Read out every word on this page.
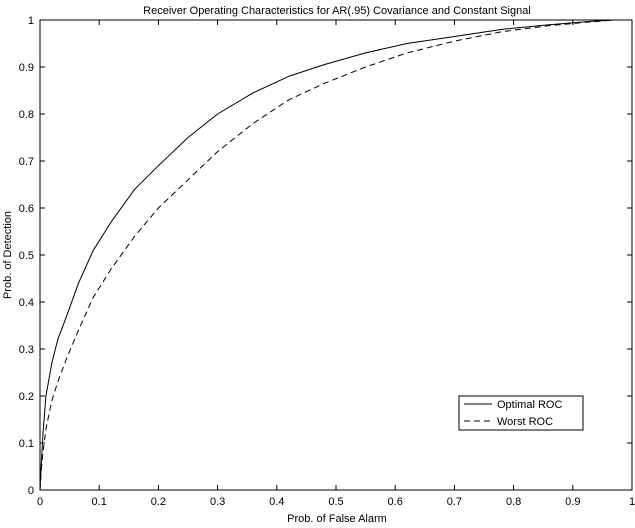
Receiver Operating Characteristics for AR(.95) Covariance and Constant Signal
0	0.1	0.2	0.3	0.4	0.5	0.6	0.7	0.8	0.9	1
0
0.1
0.2
0.3
0.4
0.5
0.6
0.7
0.8
0.9
1
Prob. of False Alarm
Prob. of Detection
Optimal ROC
Worst ROC
